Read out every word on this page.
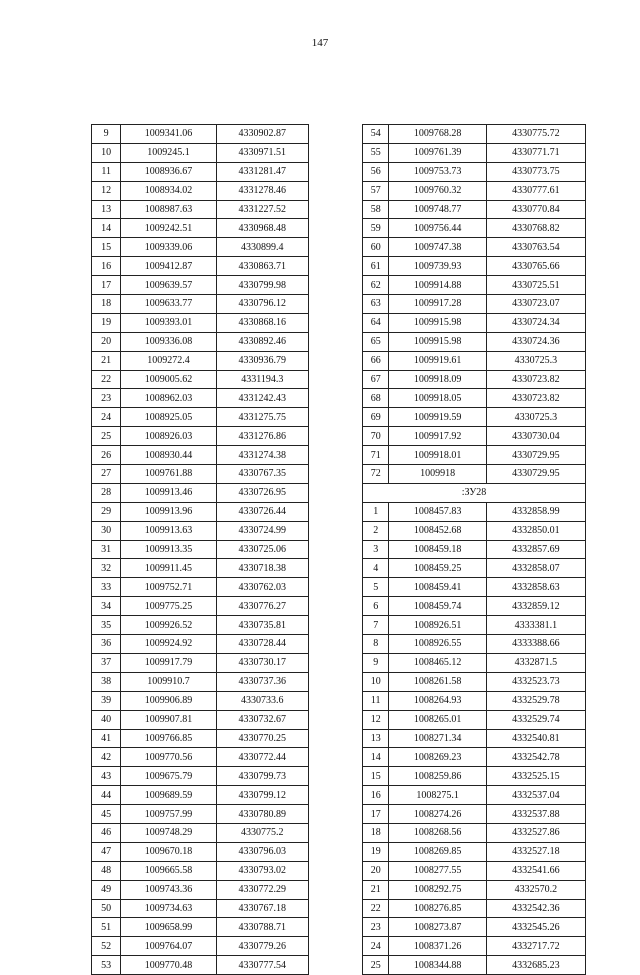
147
9	1009341.06	4330902.87
10	1009245.1	4330971.51
11	1008936.67	4331281.47
12	1008934.02	4331278.46
13	1008987.63	4331227.52
14	1009242.51	4330968.48
15	1009339.06	4330899.4
16	1009412.87	4330863.71
17	1009639.57	4330799.98
18	1009633.77	4330796.12
19	1009393.01	4330868.16
20	1009336.08	4330892.46
21	1009272.4	4330936.79
22	1009005.62	4331194.3
23	1008962.03	4331242.43
24	1008925.05	4331275.75
25	1008926.03	4331276.86
26	1008930.44	4331274.38
27	1009761.88	4330767.35
28	1009913.46	4330726.95
29	1009913.96	4330726.44
30	1009913.63	4330724.99
31	1009913.35	4330725.06
32	1009911.45	4330718.38
33	1009752.71	4330762.03
34	1009775.25	4330776.27
35	1009926.52	4330735.81
36	1009924.92	4330728.44
37	1009917.79	4330730.17
38	1009910.7	4330737.36
39	1009906.89	4330733.6
40	1009907.81	4330732.67
41	1009766.85	4330770.25
42	1009770.56	4330772.44
43	1009675.79	4330799.73
44	1009689.59	4330799.12
45	1009757.99	4330780.89
46	1009748.29	4330775.2
47	1009670.18	4330796.03
48	1009665.58	4330793.02
49	1009743.36	4330772.29
50	1009734.63	4330767.18
51	1009658.99	4330788.71
52	1009764.07	4330779.26
53	1009770.48	4330777.54
54	1009768.28	4330775.72
55	1009761.39	4330771.71
56	1009753.73	4330773.75
57	1009760.32	4330777.61
58	1009748.77	4330770.84
59	1009756.44	4330768.82
60	1009747.38	4330763.54
61	1009739.93	4330765.66
62	1009914.88	4330725.51
63	1009917.28	4330723.07
64	1009915.98	4330724.34
65	1009915.98	4330724.36
66	1009919.61	4330725.3
67	1009918.09	4330723.82
68	1009918.05	4330723.82
69	1009919.59	4330725.3
70	1009917.92	4330730.04
71	1009918.01	4330729.95
72	1009918	4330729.95
:ЗУ28		
1	1008457.83	4332858.99
2	1008452.68	4332850.01
3	1008459.18	4332857.69
4	1008459.25	4332858.07
5	1008459.41	4332858.63
6	1008459.74	4332859.12
7	1008926.51	4333381.1
8	1008926.55	4333388.66
9	1008465.12	4332871.5
10	1008261.58	4332523.73
11	1008264.93	4332529.78
12	1008265.01	4332529.74
13	1008271.34	4332540.81
14	1008269.23	4332542.78
15	1008259.86	4332525.15
16	1008275.1	4332537.04
17	1008274.26	4332537.88
18	1008268.56	4332527.86
19	1008269.85	4332527.18
20	1008277.55	4332541.66
21	1008292.75	4332570.2
22	1008276.85	4332542.36
23	1008273.87	4332545.26
24	1008371.26	4332717.72
25	1008344.88	4332685.23
